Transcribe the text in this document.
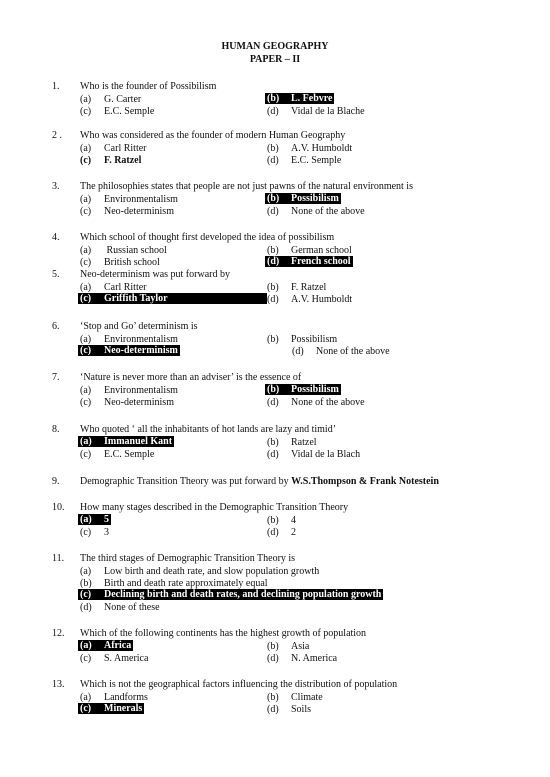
HUMAN GEOGRAPHY
PAPER – II
1. Who is the founder of Possibilism
(a) G. Carter	(b) L. Febvre
(c) E.C. Semple	(d) Vidal de la Blache
2 . Who was considered as the founder of modern Human Geography
(a) Carl Ritter	(b) A.V. Humboldt
(c) F. Ratzel	(d) E.C. Semple
3. The philosophies states that people are not just pawns of the natural environment is
(a) Environmentalism	(b) Possibilism
(c) Neo-determinism	(d) None of the above
4. Which school of thought first developed the idea of possibilism
(a) Russian school	(b) German school
(c) British school	(d) French school
5. Neo-determinism was put forward by
(a) Carl Ritter	(b) F. Ratzel
(c) Griffith Taylor	(d) A.V. Humboldt
6. ‘Stop and Go’ determinism is
(a) Environmentalism	(b) Possibilism
(c) Neo-determinism	(d) None of the above
7. ‘Nature is never more than an adviser’ is the essence of
(a) Environmentalism	(b) Possibilism
(c) Neo-determinism	(d) None of the above
8. Who quoted ‘ all the inhabitants of hot lands are lazy and timid’
(a) Immanuel Kant	(b) Ratzel
(c) E.C. Semple	(d) Vidal de la Blach
9. Demographic Transition Theory was put forward by W.S.Thompson & Frank Notestein
10. How many stages described in the Demographic Transition Theory
(a) 5	(b) 4
(c) 3	(d) 2
11. The third stages of Demographic Transition Theory is
(a) Low birth and death rate, and slow population growth
(b) Birth and death rate approximately equal
(c) Declining birth and death rates, and declining population growth
(d) None of these
12. Which of the following continents has the highest growth of population
(a) Africa	(b) Asia
(c) S. America	(d) N. America
13. Which is not the geographical factors influencing the distribution of population
(a) Landforms	(b) Climate
(c) Minerals	(d) Soils
